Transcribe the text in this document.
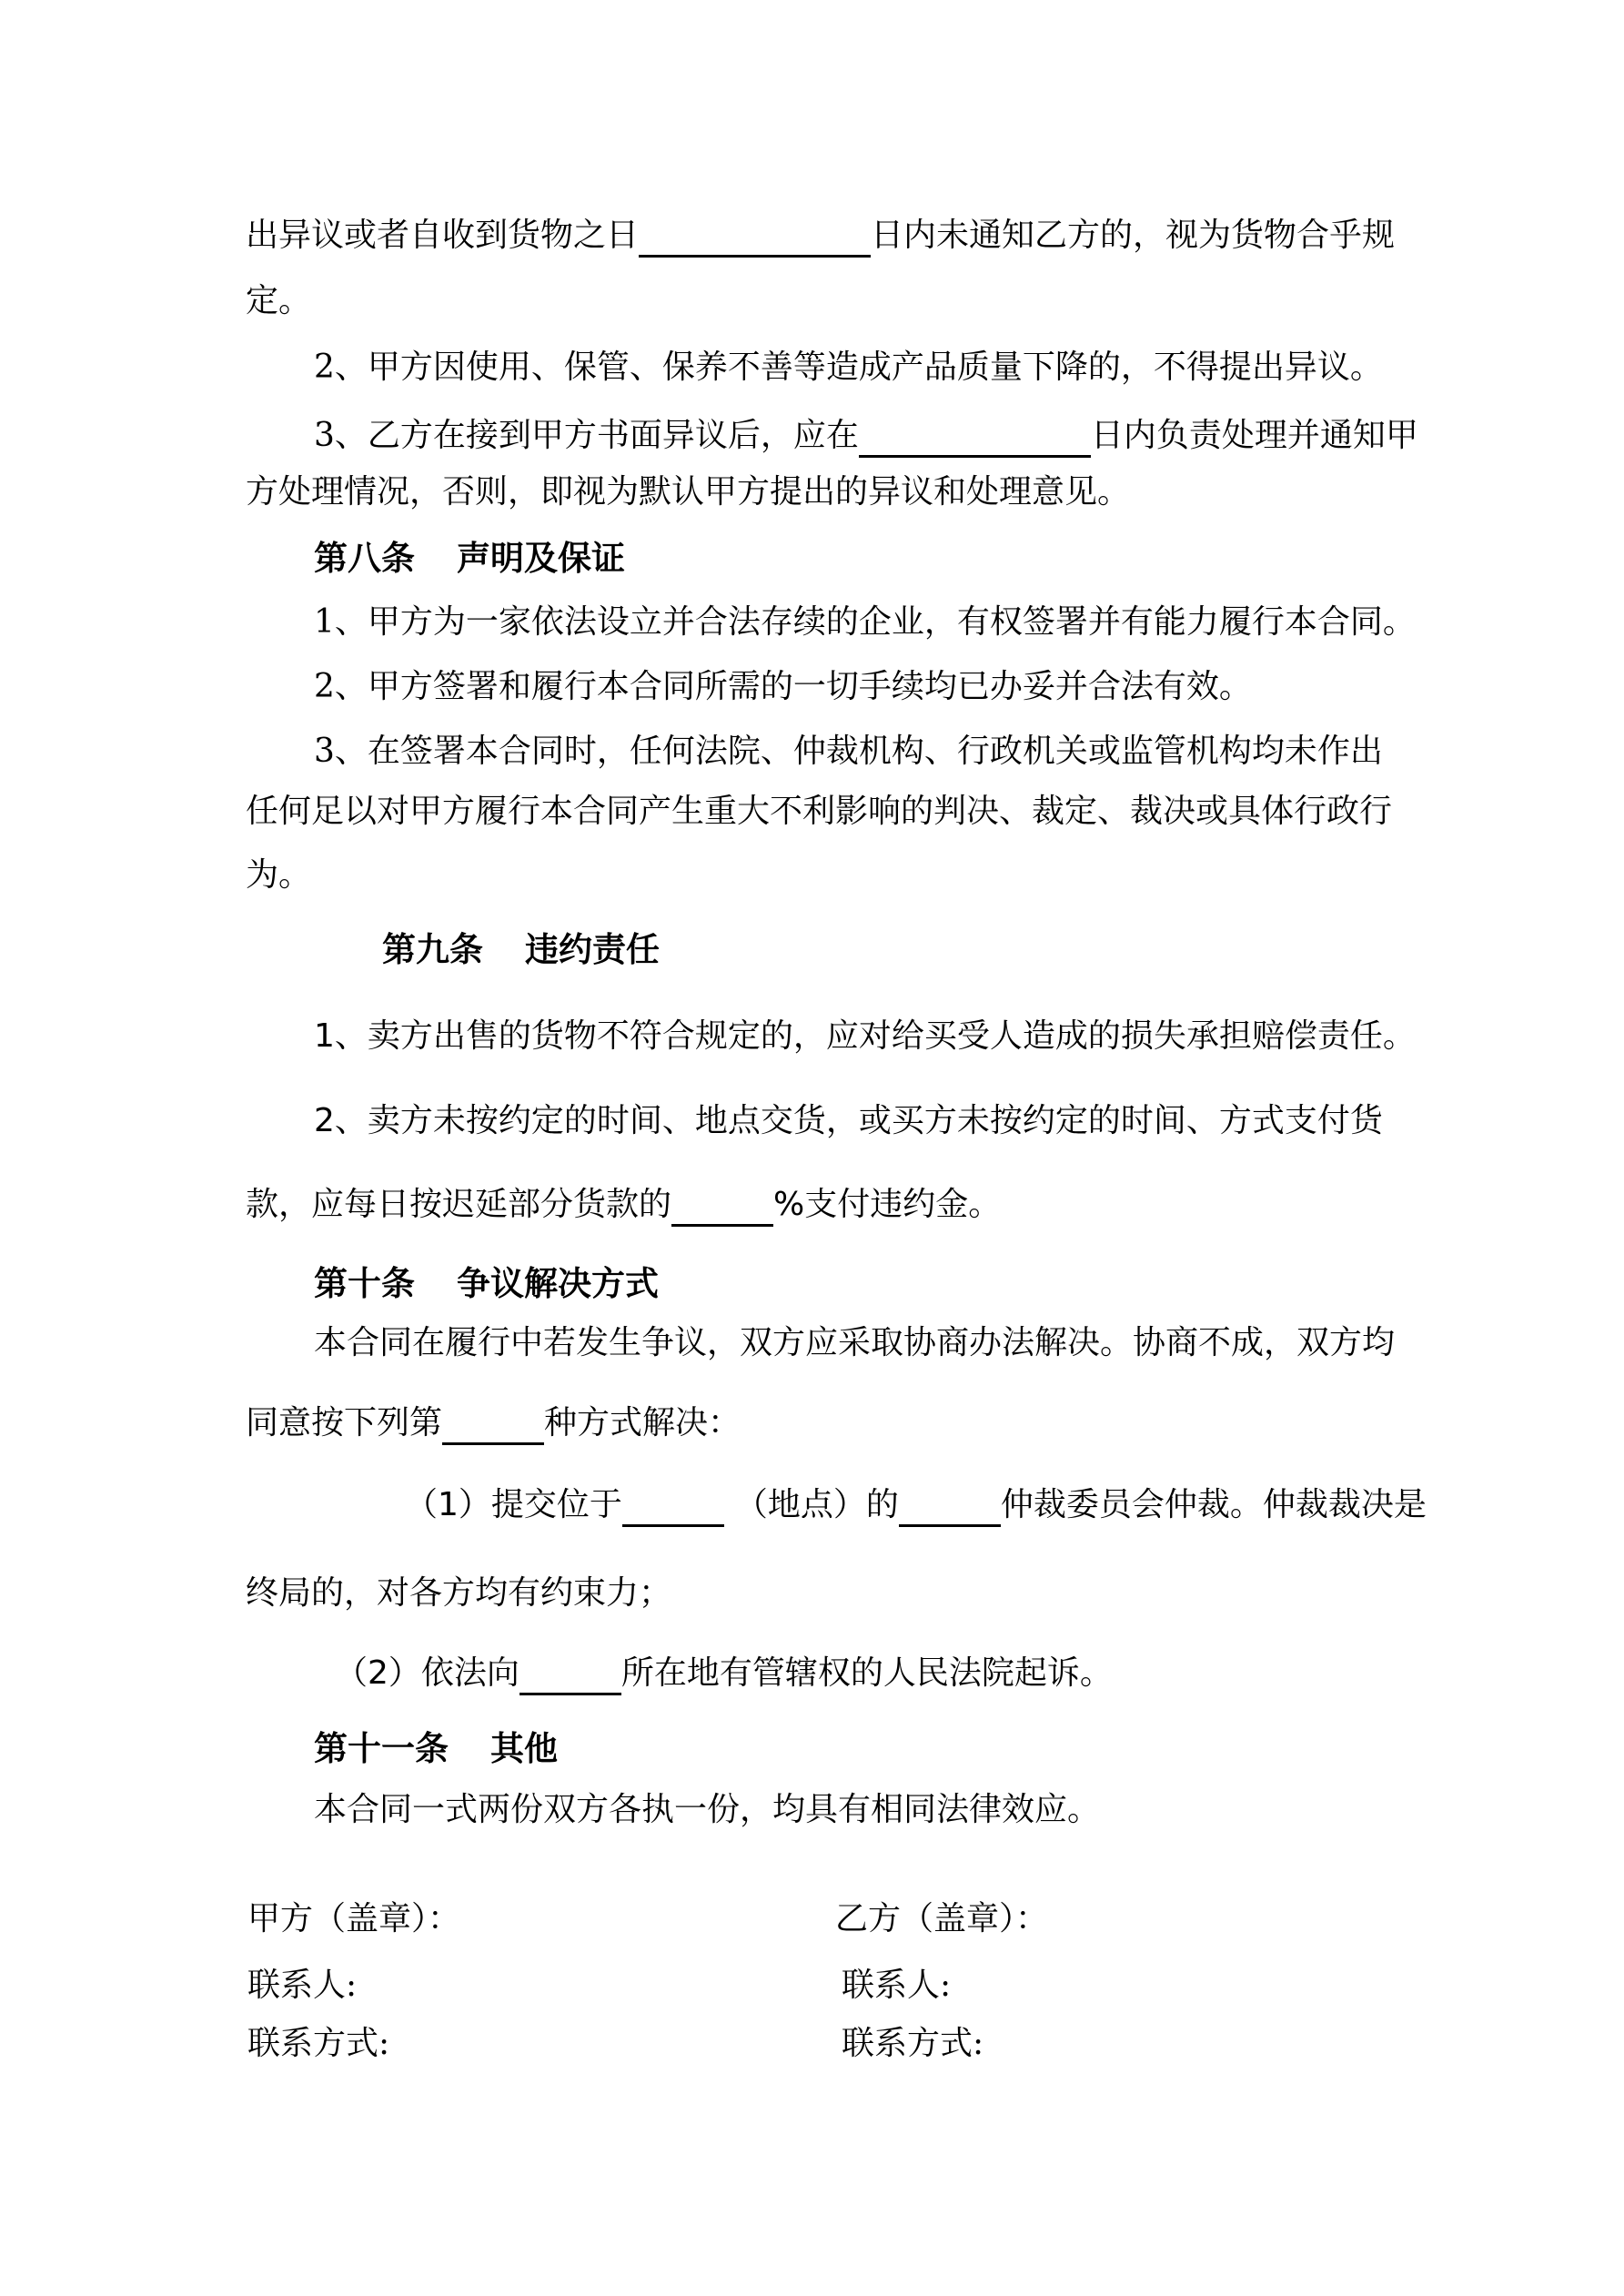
出异议或者自收到货物之日	日内未通知乙方的，视为货物合乎规
定。
2、甲方因使用、保管、保养不善等造成产品质量下降的，不得提出异议。
3、乙方在接到甲方书面异议后，应在	日内负责处理并通知甲
方处理情况，否则，即视为默认甲方提出的异议和处理意见。
第八条 声明及保证
1、甲方为一家依法设立并合法存续的企业，有权签署并有能力履行本合同。
2、甲方签署和履行本合同所需的一切手续均已办妥并合法有效。
3、在签署本合同时，任何法院、仲裁机构、行政机关或监管机构均未作出
任何足以对甲方履行本合同产生重大不利影响的判决、裁定、裁决或具体行政行
为。
第九条 违约责任
1、卖方出售的货物不符合规定的，应对给买受人造成的损失承担赔偿责任。
2、卖方未按约定的时间、地点交货，或买方未按约定的时间、方式支付货
款，应每日按迟延部分货款的	%支付违约金。
第十条 争议解决方式
本合同在履行中若发生争议，双方应采取协商办法解决。协商不成，双方均
同意按下列第	种方式解决：
（1）提交位于	（地点）的	仲裁委员会仲裁。仲裁裁决是
终局的，对各方均有约束力；
（2）依法向	所在地有管辖权的人民法院起诉。
第十一条 其他
本合同一式两份双方各执一份，均具有相同法律效应。
甲方（盖章）：	乙方（盖章）：
联系人:	联系人:
联系方式:	联系方式:
